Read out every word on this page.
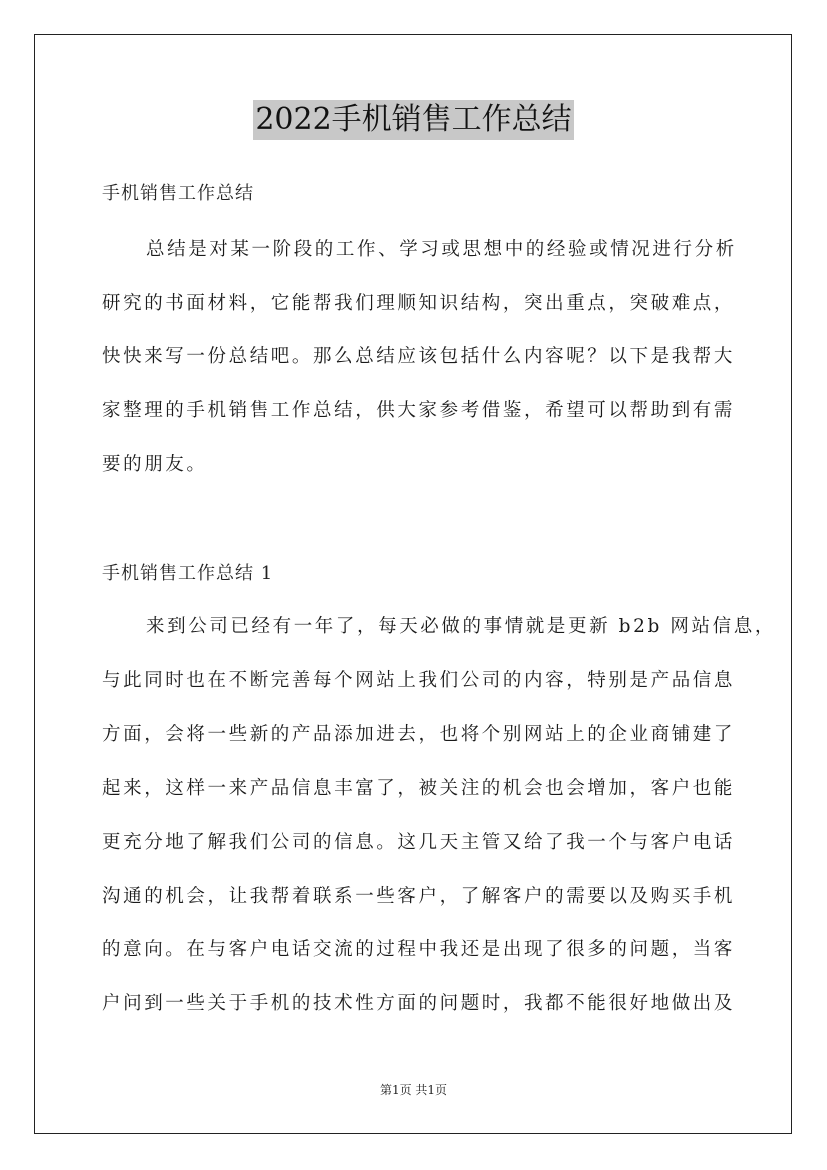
2022手机销售工作总结
手机销售工作总结
总结是对某一阶段的工作、学习或思想中的经验或情况进行分析
研究的书面材料，它能帮我们理顺知识结构，突出重点，突破难点，
快快来写一份总结吧。那么总结应该包括什么内容呢？以下是我帮大
家整理的手机销售工作总结，供大家参考借鉴，希望可以帮助到有需
要的朋友。
手机销售工作总结 1
来到公司已经有一年了，每天必做的事情就是更新 b2b 网站信息，
与此同时也在不断完善每个网站上我们公司的内容，特别是产品信息
方面，会将一些新的产品添加进去，也将个别网站上的企业商铺建了
起来，这样一来产品信息丰富了，被关注的机会也会增加，客户也能
更充分地了解我们公司的信息。这几天主管又给了我一个与客户电话
沟通的机会，让我帮着联系一些客户，了解客户的需要以及购买手机
的意向。在与客户电话交流的过程中我还是出现了很多的问题，当客
户问到一些关于手机的技术性方面的问题时，我都不能很好地做出及
第1页 共1页
